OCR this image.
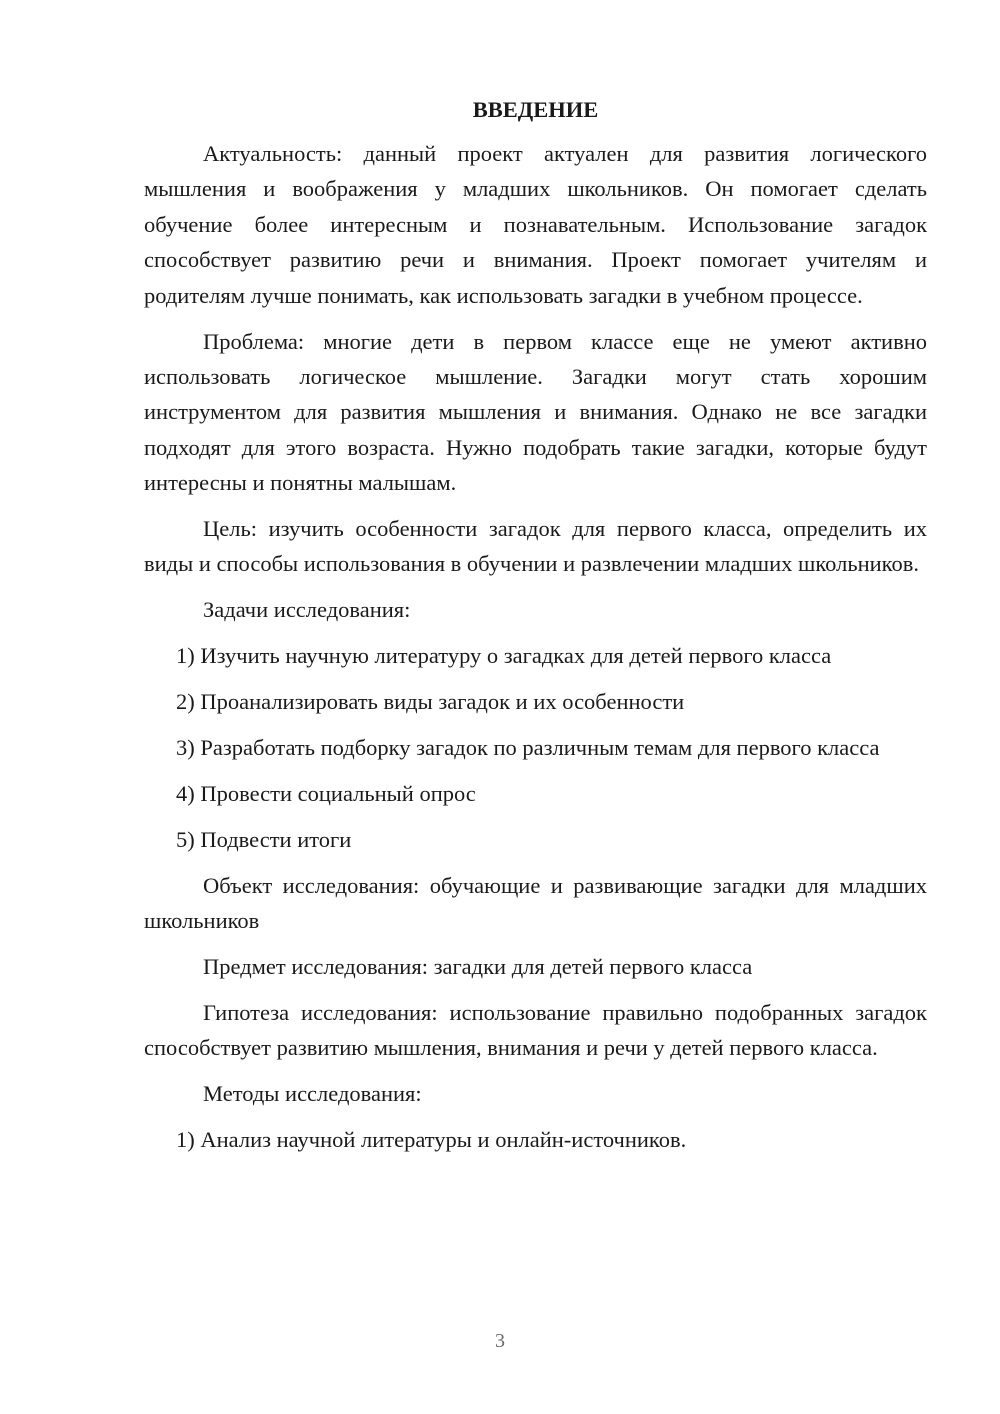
ВВЕДЕНИЕ

Актуальность: данный проект актуален для развития логического мышления и воображения у младших школьников. Он помогает сделать обучение более интересным и познавательным. Использование загадок способствует развитию речи и внимания. Проект помогает учителям и родителям лучше понимать, как использовать загадки в учебном процессе.

Проблема: многие дети в первом классе еще не умеют активно использовать логическое мышление. Загадки могут стать хорошим инструментом для развития мышления и внимания. Однако не все загадки подходят для этого возраста. Нужно подобрать такие загадки, которые будут интересны и понятны малышам.

Цель: изучить особенности загадок для первого класса, определить их виды и способы использования в обучении и развлечении младших школьников.

Задачи исследования:

1) Изучить научную литературу о загадках для детей первого класса

2) Проанализировать виды загадок и их особенности

3) Разработать подборку загадок по различным темам для первого класса

4) Провести социальный опрос

5) Подвести итоги

Объект исследования: обучающие и развивающие загадки для младших школьников

Предмет исследования: загадки для детей первого класса

Гипотеза исследования: использование правильно подобранных загадок способствует развитию мышления, внимания и речи у детей первого класса.

Методы исследования:

1) Анализ научной литературы и онлайн-источников.

3
